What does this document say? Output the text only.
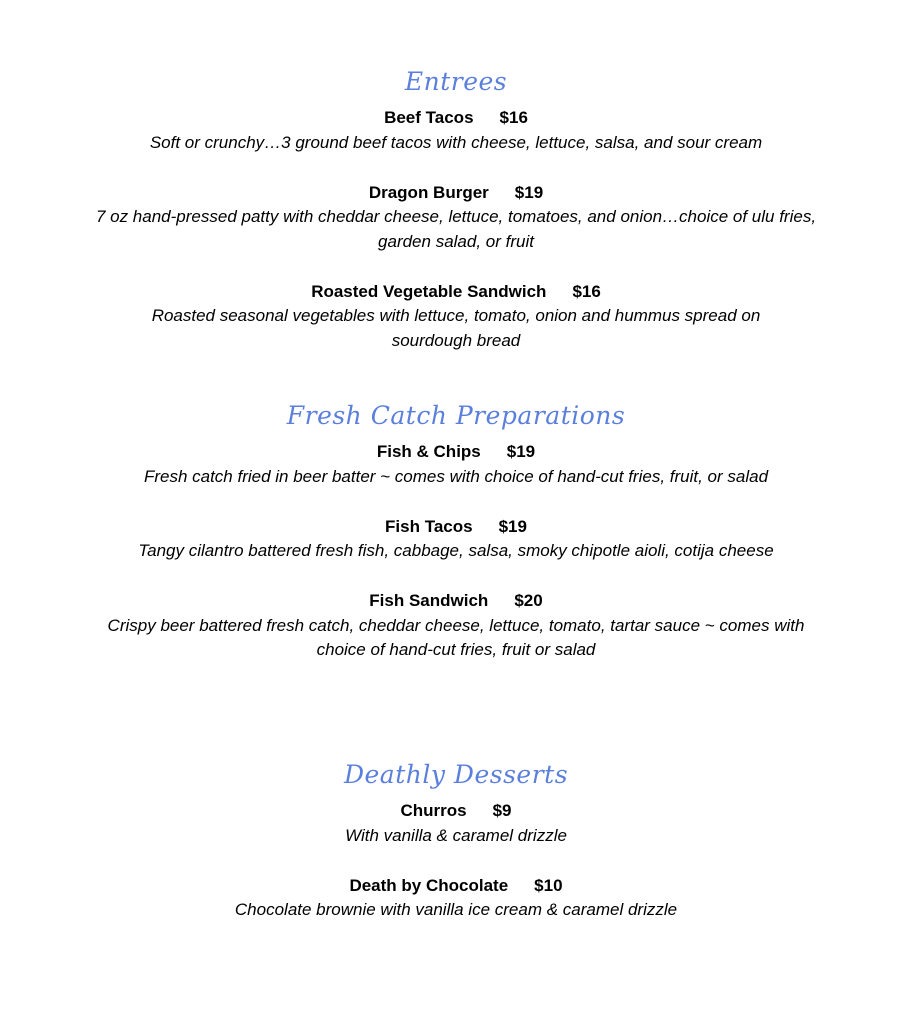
Entrees
Beef Tacos $16
Soft or crunchy…3 ground beef tacos with cheese, lettuce, salsa, and sour cream
Dragon Burger $19
7 oz hand-pressed patty with cheddar cheese, lettuce, tomatoes, and onion…choice of ulu fries, garden salad, or fruit
Roasted Vegetable Sandwich $16
Roasted seasonal vegetables with lettuce, tomato, onion and hummus spread on sourdough bread
Fresh Catch Preparations
Fish & Chips $19
Fresh catch fried in beer batter ~ comes with choice of hand-cut fries, fruit, or salad
Fish Tacos $19
Tangy cilantro battered fresh fish, cabbage, salsa, smoky chipotle aioli, cotija cheese
Fish Sandwich $20
Crispy beer battered fresh catch, cheddar cheese, lettuce, tomato, tartar sauce ~ comes with choice of hand-cut fries, fruit or salad
Deathly Desserts
Churros $9
With vanilla & caramel drizzle
Death by Chocolate $10
Chocolate brownie with vanilla ice cream & caramel drizzle
